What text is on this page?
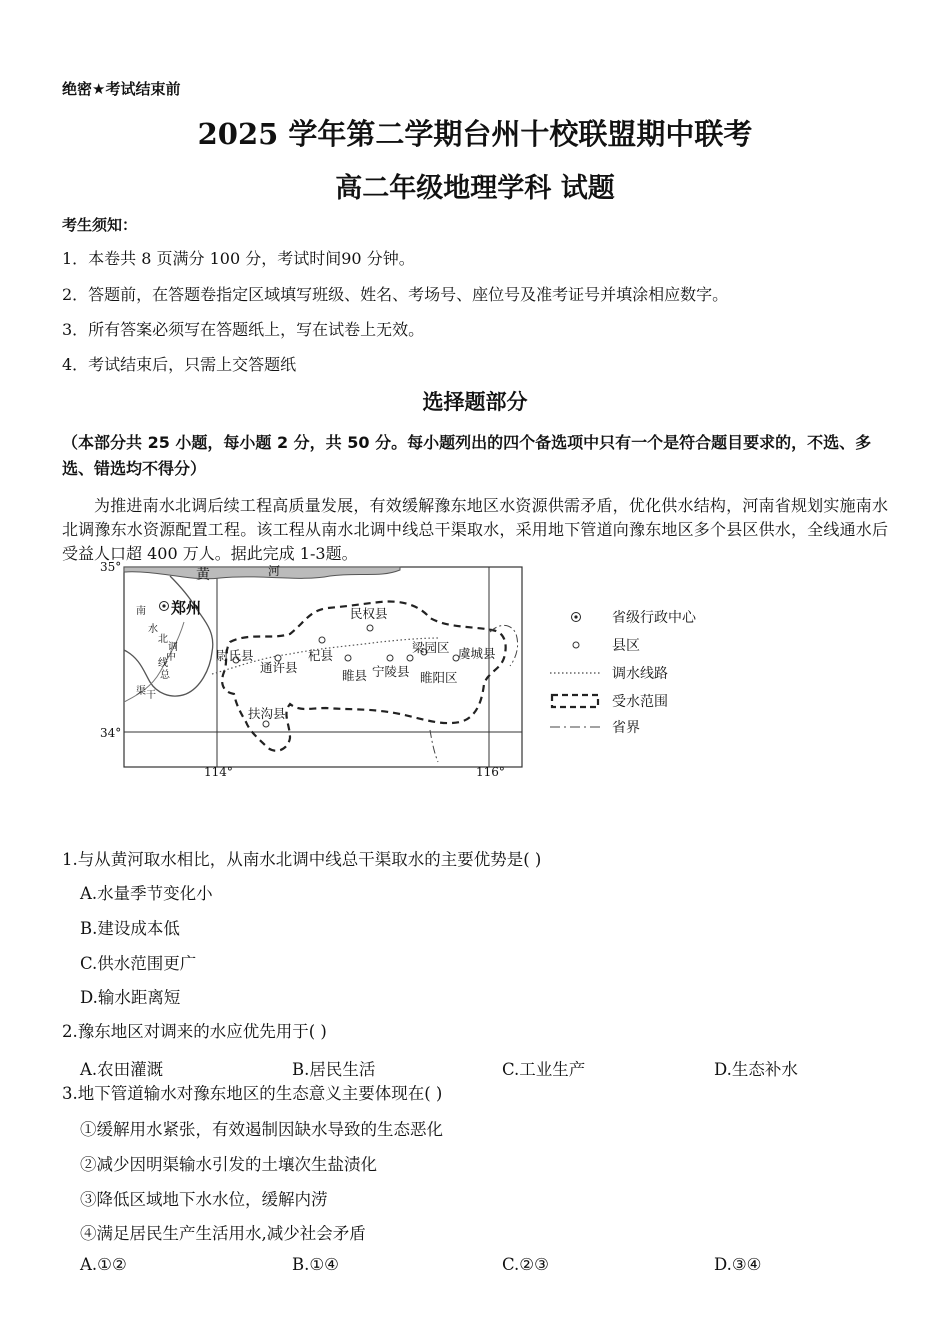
绝密★考试结束前
2025 学年第二学期台州十校联盟期中联考
高二年级地理学科 试题
考生须知：
1．本卷共 8 页满分 100 分，考试时间90 分钟。
2．答题前，在答题卷指定区域填写班级、姓名、考场号、座位号及准考证号并填涂相应数字。
3．所有答案必须写在答题纸上，写在试卷上无效。
4．考试结束后，只需上交答题纸
选择题部分
（本部分共 25 小题，每小题 2 分，共 50 分。每小题列出的四个备选项中只有一个是符合题目要求的，不选、多选、错选均不得分）
为推进南水北调后续工程高质量发展，有效缓解豫东地区水资源供需矛盾，优化供水结构，河南省规划实施南水北调豫东水资源配置工程。该工程从南水北调中线总干渠取水，采用地下管道向豫东地区多个县区供水，全线通水后受益人口超 400 万人。据此完成 1-3题。
35°
34°
114°	116°
黄	河
南
水
北
调
中
线
总
渠 干
郑州	民权县
尉氏县
通许县
杞县
睢县 宁陵县
梁园区
睢阳区
虞城县
扶沟县
省级行政中心
县区
调水线路
受水范围
省界
1.与从黄河取水相比，从南水北调中线总干渠取水的主要优势是( )
A.水量季节变化小
B.建设成本低
C.供水范围更广
D.输水距离短
2.豫东地区对调来的水应优先用于( )
A.农田灌溉	B.居民生活	C.工业生产	D.生态补水
3.地下管道输水对豫东地区的生态意义主要体现在( )
①缓解用水紧张，有效遏制因缺水导致的生态恶化
②减少因明渠输水引发的土壤次生盐渍化
③降低区域地下水水位，缓解内涝
④满足居民生产生活用水,减少社会矛盾
A.①②	B.①④	C.②③	D.③④
